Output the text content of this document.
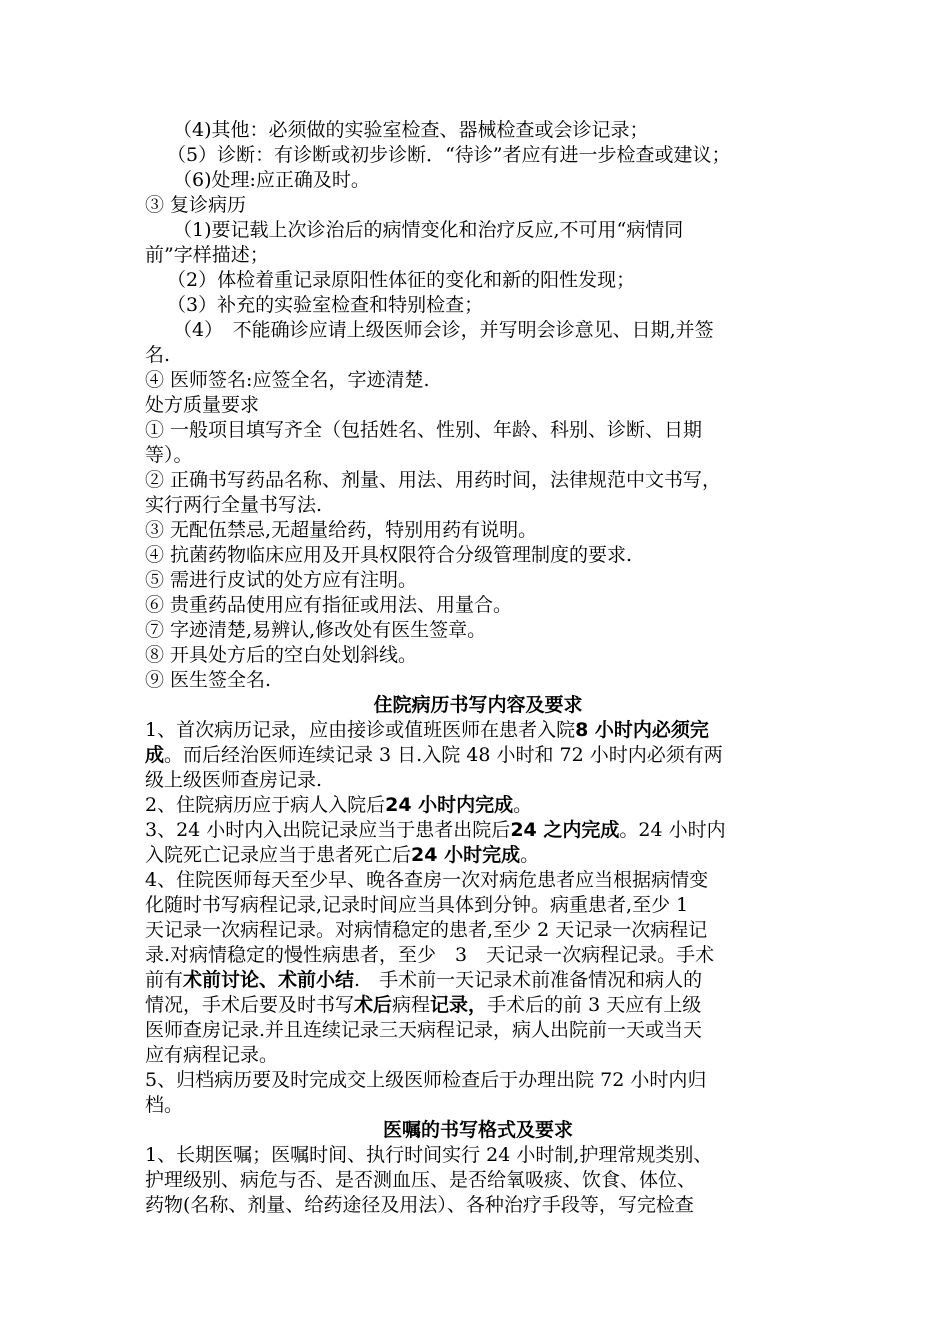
（4)其他：必须做的实验室检查、器械检查或会诊记录；
（5）诊断：有诊断或初步诊断．“待诊”者应有进一步检查或建议；
（6)处理:应正确及时。
③ 复诊病历
（1)要记载上次诊治后的病情变化和治疗反应,不可用“病情同
前”字样描述；
（2）体检着重记录原阳性体征的变化和新的阳性发现；
（3）补充的实验室检查和特别检查；
（4）　不能确诊应请上级医师会诊，并写明会诊意见、日期,并签
名.
④ 医师签名:应签全名，字迹清楚.
处方质量要求
① 一般项目填写齐全（包括姓名、性别、年龄、科别、诊断、日期
等）。
② 正确书写药品名称、剂量、用法、用药时间，法律规范中文书写，
实行两行全量书写法.
③ 无配伍禁忌,无超量给药，特别用药有说明。
④ 抗菌药物临床应用及开具权限符合分级管理制度的要求.
⑤ 需进行皮试的处方应有注明。
⑥ 贵重药品使用应有指征或用法、用量合。
⑦ 字迹清楚,易辨认,修改处有医生签章。
⑧ 开具处方后的空白处划斜线。
⑨ 医生签全名.
住院病历书写内容及要求
1、首次病历记录，应由接诊或值班医师在患者入院8 小时内必须完
成。而后经治医师连续记录 3 日.入院 48 小时和 72 小时内必须有两
级上级医师查房记录.
2、住院病历应于病人入院后24 小时内完成。
3、24 小时内入出院记录应当于患者出院后24 之内完成。24 小时内
入院死亡记录应当于患者死亡后24 小时完成。
4、住院医师每天至少早、晚各查房一次对病危患者应当根据病情变
化随时书写病程记录,记录时间应当具体到分钟。病重患者,至少 1
天记录一次病程记录。对病情稳定的患者,至少 2 天记录一次病程记
录.对病情稳定的慢性病患者，至少　3　天记录一次病程记录。手术
前有术前讨论、术前小结.　手术前一天记录术前准备情况和病人的
情况，手术后要及时书写术后病程记录，手术后的前 3 天应有上级
医师查房记录.并且连续记录三天病程记录，病人出院前一天或当天
应有病程记录。
5、归档病历要及时完成交上级医师检查后于办理出院 72 小时内归
档。
医嘱的书写格式及要求
1、长期医嘱；医嘱时间、执行时间实行 24 小时制,护理常规类别、
护理级别、病危与否、是否测血压、是否给氧吸痰、饮食、体位、
药物(名称、剂量、给药途径及用法）、各种治疗手段等，写完检查
